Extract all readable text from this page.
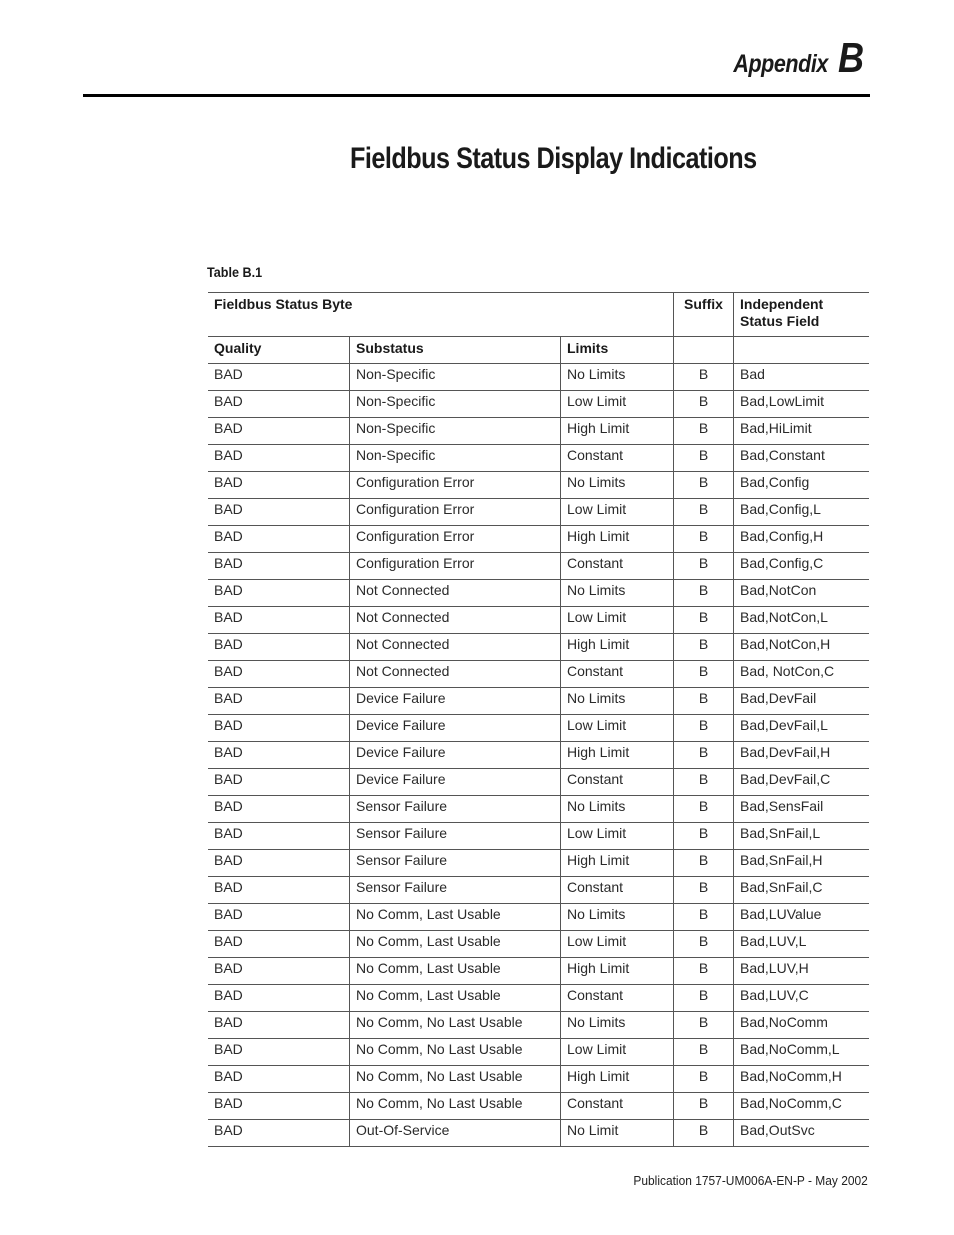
Appendix B
Fieldbus Status Display Indications
Table B.1
Fieldbus Status Byte			Suffix	Independent
Status Field

Quality	Substatus	Limits		
BAD	Non-Specific	No Limits	B	Bad
BAD	Non-Specific	Low Limit	B	Bad,LowLimit
BAD	Non-Specific	High Limit	B	Bad,HiLimit
BAD	Non-Specific	Constant	B	Bad,Constant
BAD	Configuration Error	No Limits	B	Bad,Config
BAD	Configuration Error	Low Limit	B	Bad,Config,L
BAD	Configuration Error	High Limit	B	Bad,Config,H
BAD	Configuration Error	Constant	B	Bad,Config,C
BAD	Not Connected	No Limits	B	Bad,NotCon
BAD	Not Connected	Low Limit	B	Bad,NotCon,L
BAD	Not Connected	High Limit	B	Bad,NotCon,H
BAD	Not Connected	Constant	B	Bad, NotCon,C
BAD	Device Failure	No Limits	B	Bad,DevFail
BAD	Device Failure	Low Limit	B	Bad,DevFail,L
BAD	Device Failure	High Limit	B	Bad,DevFail,H
BAD	Device Failure	Constant	B	Bad,DevFail,C
BAD	Sensor Failure	No Limits	B	Bad,SensFail
BAD	Sensor Failure	Low Limit	B	Bad,SnFail,L
BAD	Sensor Failure	High Limit	B	Bad,SnFail,H
BAD	Sensor Failure	Constant	B	Bad,SnFail,C
BAD	No Comm, Last Usable	No Limits	B	Bad,LUValue
BAD	No Comm, Last Usable	Low Limit	B	Bad,LUV,L
BAD	No Comm, Last Usable	High Limit	B	Bad,LUV,H
BAD	No Comm, Last Usable	Constant	B	Bad,LUV,C
BAD	No Comm, No Last Usable	No Limits	B	Bad,NoComm
BAD	No Comm, No Last Usable	Low Limit	B	Bad,NoComm,L
BAD	No Comm, No Last Usable	High Limit	B	Bad,NoComm,H
BAD	No Comm, No Last Usable	Constant	B	Bad,NoComm,C
BAD	Out-Of-Service	No Limit	B	Bad,OutSvc
Publication 1757-UM006A-EN-P - May 2002
